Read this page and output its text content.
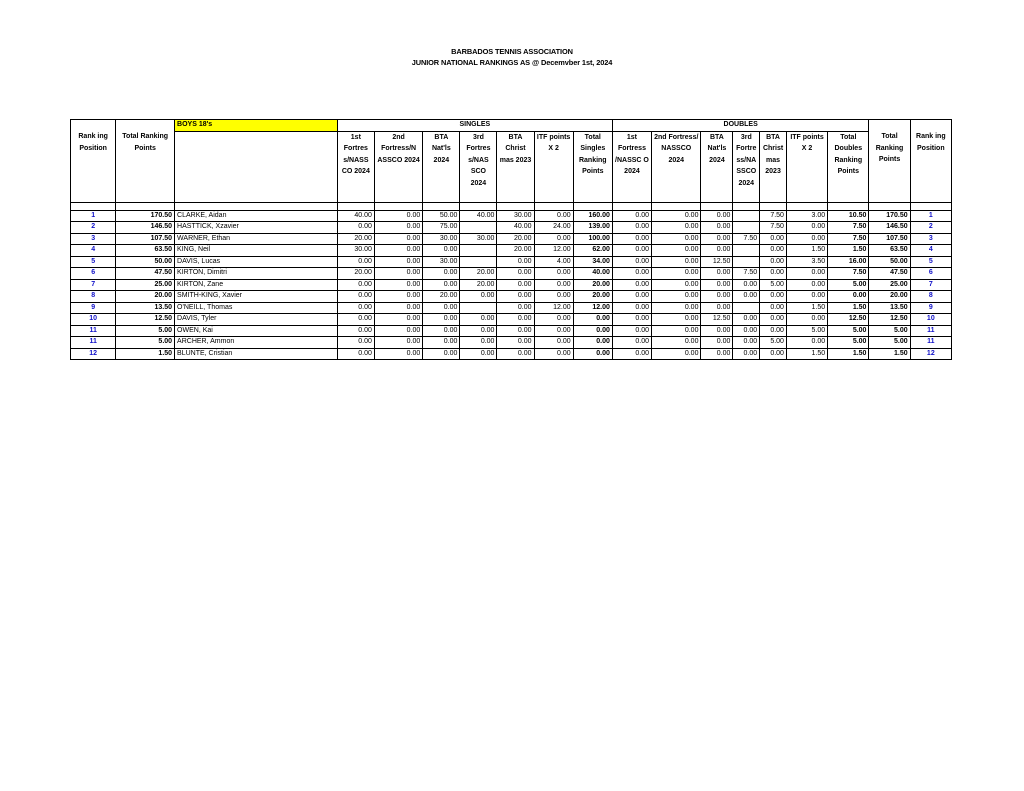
BARBADOS TENNIS ASSOCIATION
JUNIOR NATIONAL RANKINGS AS @ Decemvber 1st, 2024
		BOYS 18's	SINGLES							DOUBLES								
Rank ing Position	Total Ranking Points		1st Fortres s/NASS CO 2024	2nd Fortress/N ASSCO 2024	BTA Nat'ls 2024	3rd Fortres s/NAS SCO 2024	BTA Christ mas 2023	ITF points X 2	Total Singles Ranking Points	1st Fortress /NASSC O 2024	2nd Fortress/ NASSCO 2024	BTA Nat'ls 2024	3rd Fortre ss/NA SSCO 2024	BTA Christ mas 2023	ITF points X 2	Total Doubles Ranking Points	Total Ranking Points	Rank ing Position

1	170.50	CLARKE, Aidan	40.00	0.00	50.00	40.00	30.00	0.00	160.00	0.00	0.00	0.00		7.50	3.00	10.50	170.50	1
2	146.50	HASTTICK, Xzavier	0.00	0.00	75.00		40.00	24.00	139.00	0.00	0.00	0.00		7.50	0.00	7.50	146.50	2
3	107.50	WARNER, Ethan	20.00	0.00	30.00	30.00	20.00	0.00	100.00	0.00	0.00	0.00	7.50	0.00	0.00	7.50	107.50	3
4	63.50	KING, Neil	30.00	0.00	0.00		20.00	12.00	62.00	0.00	0.00	0.00		0.00	1.50	1.50	63.50	4
5	50.00	DAVIS, Lucas	0.00	0.00	30.00		0.00	4.00	34.00	0.00	0.00	12.50		0.00	3.50	16.00	50.00	5
6	47.50	KIRTON, Dimitri	20.00	0.00	0.00	20.00	0.00	0.00	40.00	0.00	0.00	0.00	7.50	0.00	0.00	7.50	47.50	6
7	25.00	KIRTON, Zane	0.00	0.00	0.00	20.00	0.00	0.00	20.00	0.00	0.00	0.00	0.00	5.00	0.00	5.00	25.00	7
8	20.00	SMITH-KING, Xavier	0.00	0.00	20.00	0.00	0.00	0.00	20.00	0.00	0.00	0.00	0.00	0.00	0.00	0.00	20.00	8
9	13.50	O'NEILL, Thomas	0.00	0.00	0.00		0.00	12.00	12.00	0.00	0.00	0.00		0.00	1.50	1.50	13.50	9
10	12.50	DAVIS, Tyler	0.00	0.00	0.00	0.00	0.00	0.00	0.00	0.00	0.00	12.50	0.00	0.00	0.00	12.50	12.50	10
11	5.00	OWEN, Kai	0.00	0.00	0.00	0.00	0.00	0.00	0.00	0.00	0.00	0.00	0.00	0.00	5.00	5.00	5.00	11
11	5.00	ARCHER, Ammon	0.00	0.00	0.00	0.00	0.00	0.00	0.00	0.00	0.00	0.00	0.00	5.00	0.00	5.00	5.00	11
12	1.50	BLUNTE, Cristian	0.00	0.00	0.00	0.00	0.00	0.00	0.00	0.00	0.00	0.00	0.00	0.00	1.50	1.50	1.50	12
